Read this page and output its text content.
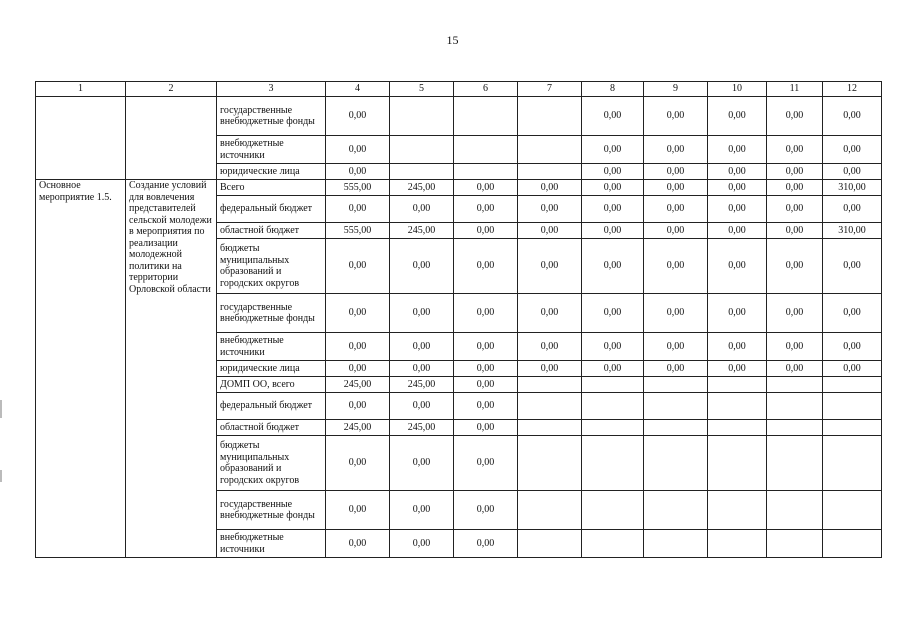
15
1	2	3	4	5	6	7	8	9	10	11	12
		государственные внебюджетные фонды	0,00				0,00	0,00	0,00	0,00	0,00
		внебюджетные источники	0,00				0,00	0,00	0,00	0,00	0,00
		юридические лица	0,00				0,00	0,00	0,00	0,00	0,00
Основное мероприятие 1.5.	Создание условий для вовлечения представителей сельской молодежи в мероприятия по реализации молодежной политики на территории Орловской области	Всего	555,00	245,00	0,00	0,00	0,00	0,00	0,00	0,00	310,00
		федеральный бюджет	0,00	0,00	0,00	0,00	0,00	0,00	0,00	0,00	0,00
		областной бюджет	555,00	245,00	0,00	0,00	0,00	0,00	0,00	0,00	310,00
		бюджеты муниципальных образований и городских округов	0,00	0,00	0,00	0,00	0,00	0,00	0,00	0,00	0,00
		государственные внебюджетные фонды	0,00	0,00	0,00	0,00	0,00	0,00	0,00	0,00	0,00
		внебюджетные источники	0,00	0,00	0,00	0,00	0,00	0,00	0,00	0,00	0,00
		юридические лица	0,00	0,00	0,00	0,00	0,00	0,00	0,00	0,00	0,00
		ДОМП ОО, всего	245,00	245,00	0,00						
		федеральный бюджет	0,00	0,00	0,00						
		областной бюджет	245,00	245,00	0,00						
		бюджеты муниципальных образований и городских округов	0,00	0,00	0,00						
		государственные внебюджетные фонды	0,00	0,00	0,00						
		внебюджетные источники	0,00	0,00	0,00						
